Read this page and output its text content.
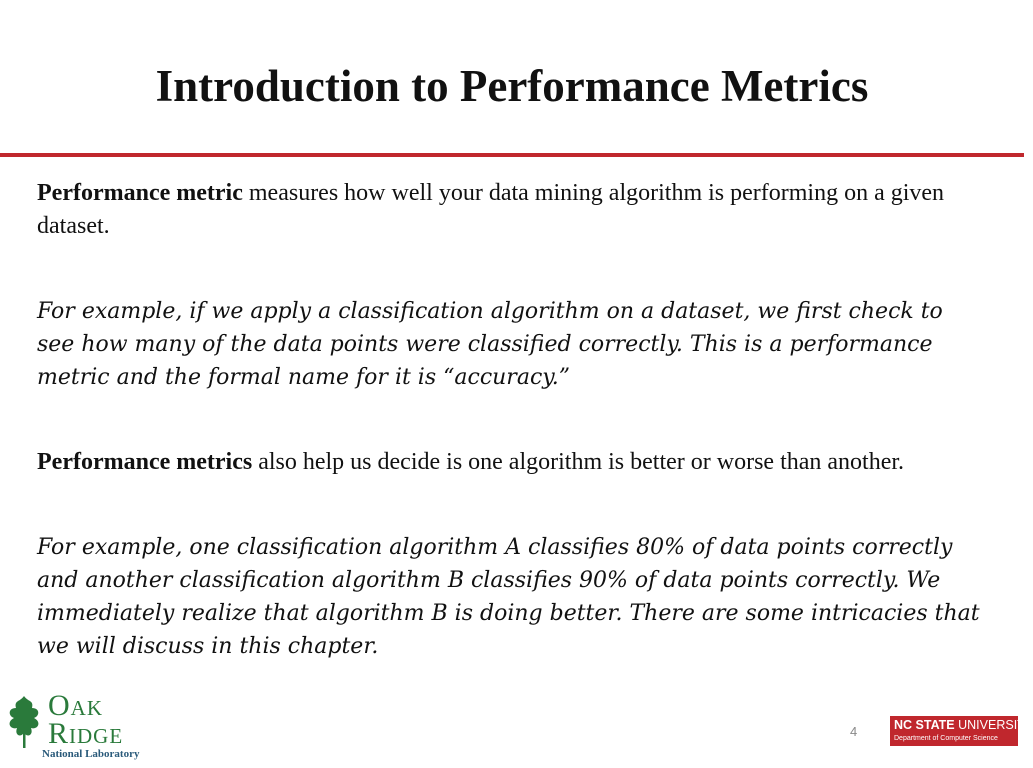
Introduction to Performance Metrics

Performance metric measures how well your data mining algorithm is performing on a given dataset.

For example, if we apply a classification algorithm on a dataset, we first check to see how many of the data points were classified correctly. This is a performance metric and the formal name for it is “accuracy.”

Performance metrics also help us decide is one algorithm is better or worse than another.

For example, one classification algorithm A classifies 80% of data points correctly and another classification algorithm B classifies 90% of data points correctly. We immediately realize that algorithm B is doing better. There are some intricacies that we will discuss in this chapter.

Oak
Ridge
National Laboratory
4	NC STATE UNIVERSITY
Department of Computer Science
